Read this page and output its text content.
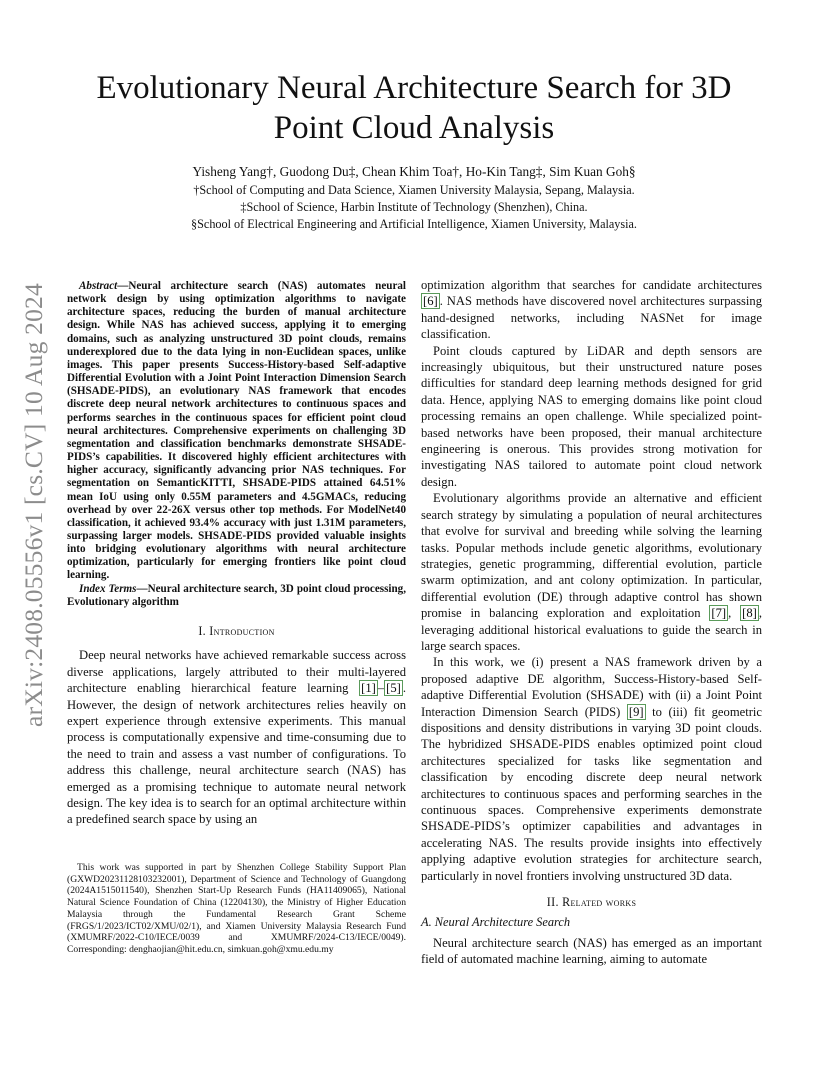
arXiv:2408.05556v1 [cs.CV] 10 Aug 2024
Evolutionary Neural Architecture Search for 3D Point Cloud Analysis
Yisheng Yang†, Guodong Du‡, Chean Khim Toa†, Ho-Kin Tang‡, Sim Kuan Goh§
†School of Computing and Data Science, Xiamen University Malaysia, Sepang, Malaysia.
‡School of Science, Harbin Institute of Technology (Shenzhen), China.
§School of Electrical Engineering and Artificial Intelligence, Xiamen University, Malaysia.

Abstract—Neural architecture search (NAS) automates neural network design by using optimization algorithms to navigate architecture spaces, reducing the burden of manual architecture design. While NAS has achieved success, applying it to emerging domains, such as analyzing unstructured 3D point clouds, remains underexplored due to the data lying in non-Euclidean spaces, unlike images. This paper presents Success-History-based Self-adaptive Differential Evolution with a Joint Point Interaction Dimension Search (SHSADE-PIDS), an evolutionary NAS framework that encodes discrete deep neural network architectures to continuous spaces and performs searches in the continuous spaces for efficient point cloud neural architectures. Comprehensive experiments on challenging 3D segmentation and classification benchmarks demonstrate SHSADE-PIDS’s capabilities. It discovered highly efficient architectures with higher accuracy, significantly advancing prior NAS techniques. For segmentation on SemanticKITTI, SHSADE-PIDS attained 64.51% mean IoU using only 0.55M parameters and 4.5GMACs, reducing overhead by over 22-26X versus other top methods. For ModelNet40 classification, it achieved 93.4% accuracy with just 1.31M parameters, surpassing larger models. SHSADE-PIDS provided valuable insights into bridging evolutionary algorithms with neural architecture optimization, particularly for emerging frontiers like point cloud learning.

Index Terms—Neural architecture search, 3D point cloud processing, Evolutionary algorithm

I. Introduction

Deep neural networks have achieved remarkable success across diverse applications, largely attributed to their multi-layered architecture enabling hierarchical feature learning [1] – [5] . However, the design of network architectures relies heavily on expert experience through extensive experiments. This manual process is computationally expensive and time-consuming due to the need to train and assess a vast number of configurations. To address this challenge, neural architecture search (NAS) has emerged as a promising technique to automate neural network design. The key idea is to search for an optimal architecture within a predefined search space by using an

This work was supported in part by Shenzhen College Stability Support Plan (GXWD20231128103232001), Department of Science and Technology of Guangdong (2024A1515011540), Shenzhen Start-Up Research Funds (HA11409065), National Natural Science Foundation of China (12204130), the Ministry of Higher Education Malaysia through the Fundamental Research Grant Scheme (FRGS/1/2023/ICT02/XMU/02/1), and Xiamen University Malaysia Research Fund (XMUMRF/2022-C10/IECE/0039 and XMUMRF/2024-C13/IECE/0049). Corresponding: denghaojian@hit.edu.cn, simkuan.goh@xmu.edu.my

optimization algorithm that searches for candidate architectures [6] . NAS methods have discovered novel architectures surpassing hand-designed networks, including NASNet for image classification.

Point clouds captured by LiDAR and depth sensors are increasingly ubiquitous, but their unstructured nature poses difficulties for standard deep learning methods designed for grid data. Hence, applying NAS to emerging domains like point cloud processing remains an open challenge. While specialized point-based networks have been proposed, their manual architecture engineering is onerous. This provides strong motivation for investigating NAS tailored to automate point cloud network design.

Evolutionary algorithms provide an alternative and efficient search strategy by simulating a population of neural architectures that evolve for survival and breeding while solving the learning tasks. Popular methods include genetic algorithms, evolutionary strategies, genetic programming, differential evolution, particle swarm optimization, and ant colony optimization. In particular, differential evolution (DE) through adaptive control has shown promise in balancing exploration and exploitation [7] , [8] , leveraging additional historical evaluations to guide the search in large search spaces.

In this work, we (i) present a NAS framework driven by a proposed adaptive DE algorithm, Success-History-based Self-adaptive Differential Evolution (SHSADE) with (ii) a Joint Point Interaction Dimension Search (PIDS) [9] to (iii) fit geometric dispositions and density distributions in varying 3D point clouds. The hybridized SHSADE-PIDS enables optimized point cloud architectures specialized for tasks like segmentation and classification by encoding discrete deep neural network architectures to continuous spaces and performing searches in the continuous spaces. Comprehensive experiments demonstrate SHSADE-PIDS’s optimizer capabilities and advantages in accelerating NAS. The results provide insights into effectively applying adaptive evolution strategies for architecture search, particularly in novel frontiers involving unstructured 3D data.

II. Related works

A. Neural Architecture Search

Neural architecture search (NAS) has emerged as an important field of automated machine learning, aiming to automate
